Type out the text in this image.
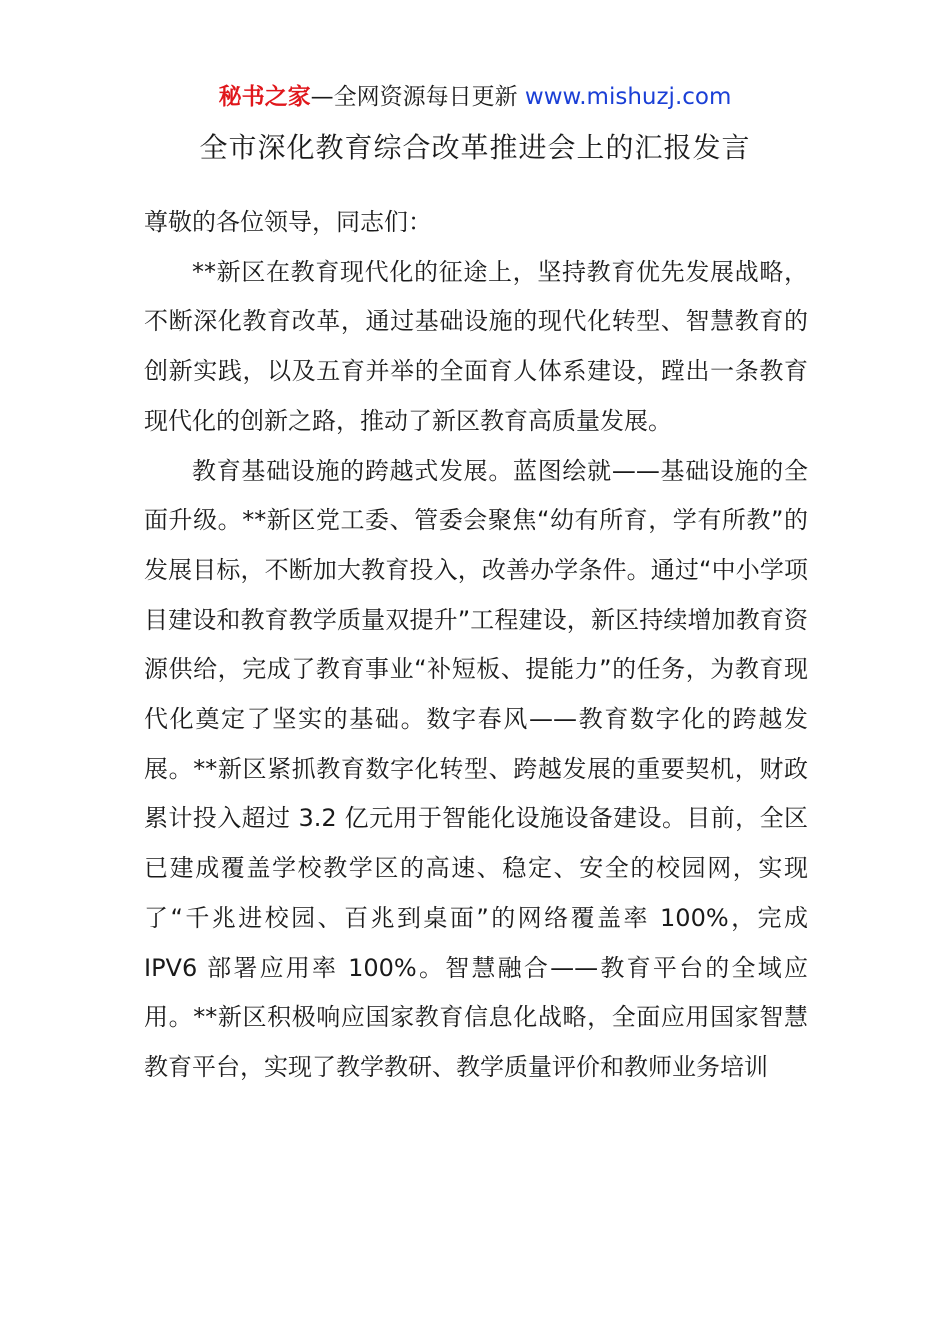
秘书之家—全网资源每日更新 www.mishuzj.com
全市深化教育综合改革推进会上的汇报发言

尊敬的各位领导，同志们：

**新区在教育现代化的征途上，坚持教育优先发展战略，不断深化教育改革，通过基础设施的现代化转型、智慧教育的创新实践，以及五育并举的全面育人体系建设，蹚出一条教育现代化的创新之路，推动了新区教育高质量发展。

教育基础设施的跨越式发展。蓝图绘就——基础设施的全面升级。**新区党工委、管委会聚焦“幼有所育，学有所教”的发展目标，不断加大教育投入，改善办学条件。通过“中小学项目建设和教育教学质量双提升”工程建设，新区持续增加教育资源供给，完成了教育事业“补短板、提能力”的任务，为教育现代化奠定了坚实的基础。数字春风——教育数字化的跨越发展。**新区紧抓教育数字化转型、跨越发展的重要契机，财政累计投入超过 3.2 亿元用于智能化设施设备建设。目前，全区已建成覆盖学校教学区的高速、稳定、安全的校园网，实现了“千兆进校园、百兆到桌面”的网络覆盖率 100%，完成 IPV6 部署应用率 100%。智慧融合——教育平台的全域应用。**新区积极响应国家教育信息化战略，全面应用国家智慧教育平台，实现了教学教研、教学质量评价和教师业务培训
